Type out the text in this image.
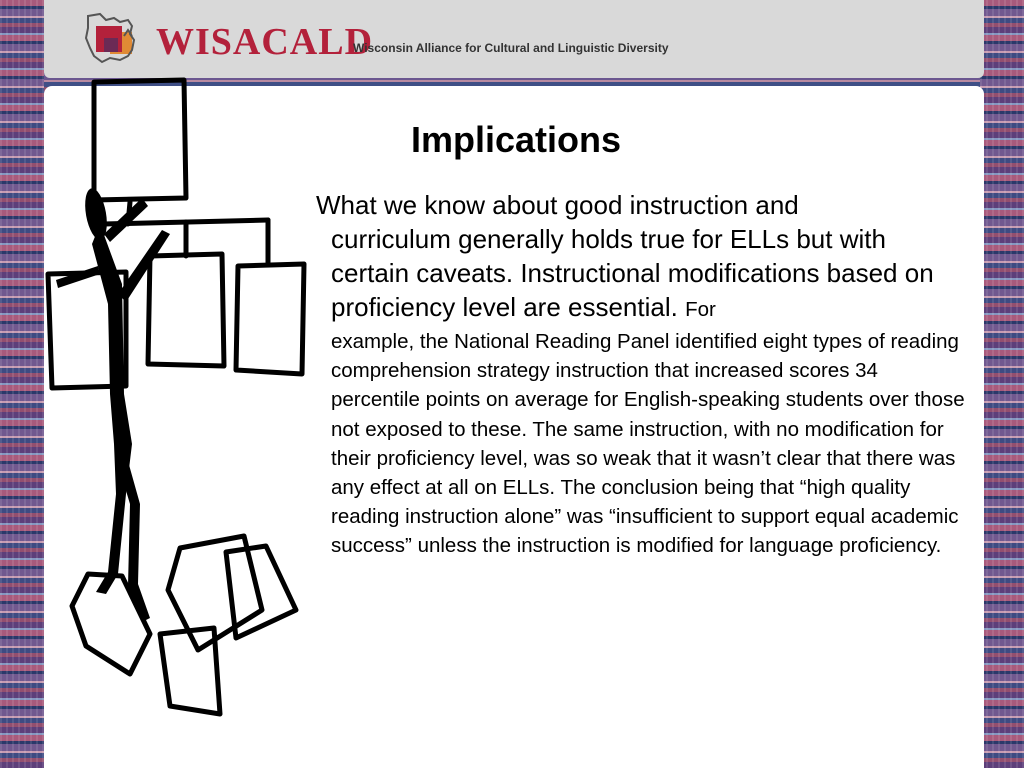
WISACALD
Wisconsin Alliance for Cultural and Linguistic Diversity
Implications
What we know about good instruction and
curriculum generally holds true for ELLs but with certain caveats. Instructional modifications based on proficiency level are essential. For
example, the National Reading Panel identified eight types of reading comprehension strategy instruction that increased scores 34 percentile points on average for English-speaking students over those not exposed to these. The same instruction, with no modification for their proficiency level, was so weak that it wasn’t clear that there was any effect at all on ELLs. The conclusion being that “high quality reading instruction alone” was “insufficient to support equal academic success” unless the instruction is modified for language proficiency.
